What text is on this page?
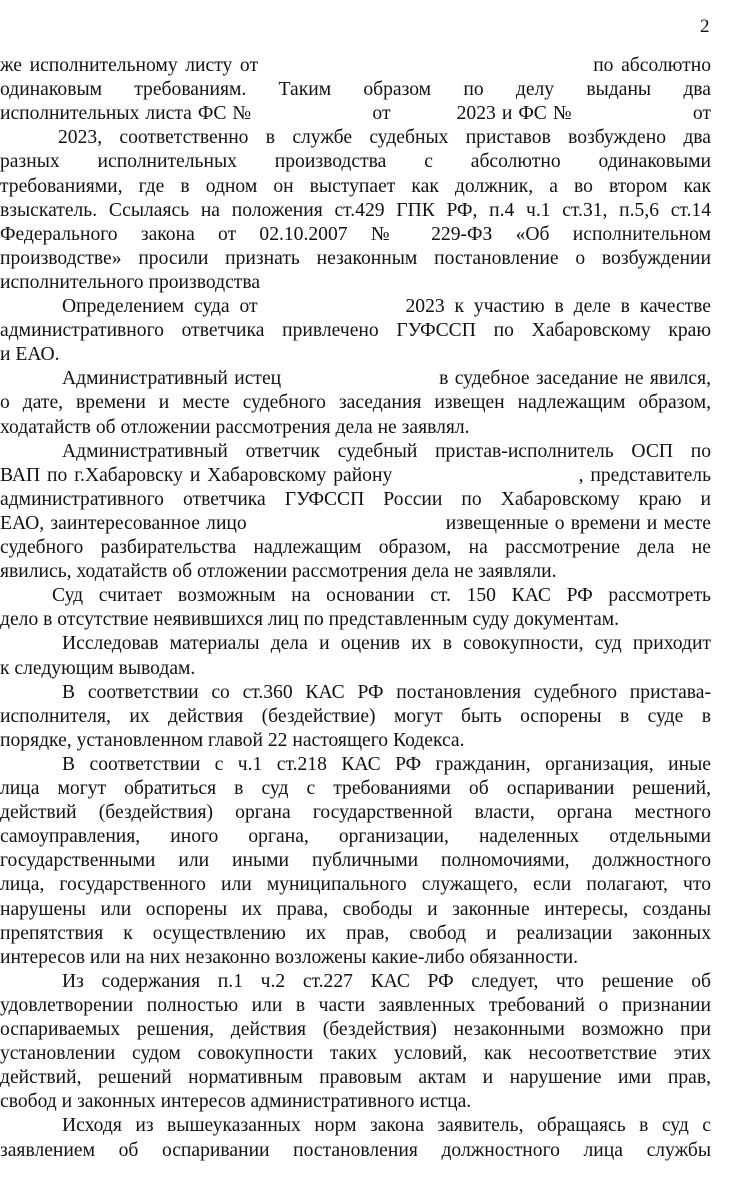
2
же исполнительному листу от                                            по абсолютно
одинаковым требованиям. Таким образом по делу выданы два
исполнительных листа ФС №                    от           2023 и ФС №                    от
2023, соответственно в службе судебных приставов возбуждено два
разных исполнительных производства с абсолютно одинаковыми
требованиями, где в одном он выступает как должник, а во втором как
взыскатель. Ссылаясь на положения ст.429 ГПК РФ, п.4 ч.1 ст.31, п.5,6 ст.14
Федерального закона от 02.10.2007 № 229-ФЗ «Об исполнительном
производстве» просили признать незаконным постановление о возбуждении
исполнительного производства
Определением суда от               2023 к участию в деле в качестве
административного ответчика привлечено ГУФССП по Хабаровскому краю
и ЕАО.
Административный истец                         в судебное заседание не явился,
о дате, времени и месте судебного заседания извещен надлежащим образом,
ходатайств об отложении рассмотрения дела не заявлял.
Административный ответчик судебный пристав-исполнитель ОСП по
ВАП по г.Хабаровску и Хабаровскому району                           , представитель
административного ответчика ГУФССП России по Хабаровскому краю и
ЕАО, заинтересованное лицо                                извещенные о времени и месте
судебного разбирательства надлежащим образом, на рассмотрение дела не
явились, ходатайств об отложении рассмотрения дела не заявляли.
Суд считает возможным на основании ст. 150 КАС РФ рассмотреть
дело в отсутствие неявившихся лиц по представленным суду документам.
Исследовав материалы дела и оценив их в совокупности, суд приходит
к следующим выводам.
В соответствии со ст.360 КАС РФ постановления судебного пристава-
исполнителя, их действия (бездействие) могут быть оспорены в суде в
порядке, установленном главой 22 настоящего Кодекса.
В соответствии с ч.1 ст.218 КАС РФ гражданин, организация, иные
лица могут обратиться в суд с требованиями об оспаривании решений,
действий (бездействия) органа государственной власти, органа местного
самоуправления, иного органа, организации, наделенных отдельными
государственными или иными публичными полномочиями, должностного
лица, государственного или муниципального служащего, если полагают, что
нарушены или оспорены их права, свободы и законные интересы, созданы
препятствия к осуществлению их прав, свобод и реализации законных
интересов или на них незаконно возложены какие-либо обязанности.
Из содержания п.1 ч.2 ст.227 КАС РФ следует, что решение об
удовлетворении полностью или в части заявленных требований о признании
оспариваемых решения, действия (бездействия) незаконными возможно при
установлении судом совокупности таких условий, как несоответствие этих
действий, решений нормативным правовым актам и нарушение ими прав,
свобод и законных интересов административного истца.
Исходя из вышеуказанных норм закона заявитель, обращаясь в суд с
заявлением об оспаривании постановления должностного лица службы
